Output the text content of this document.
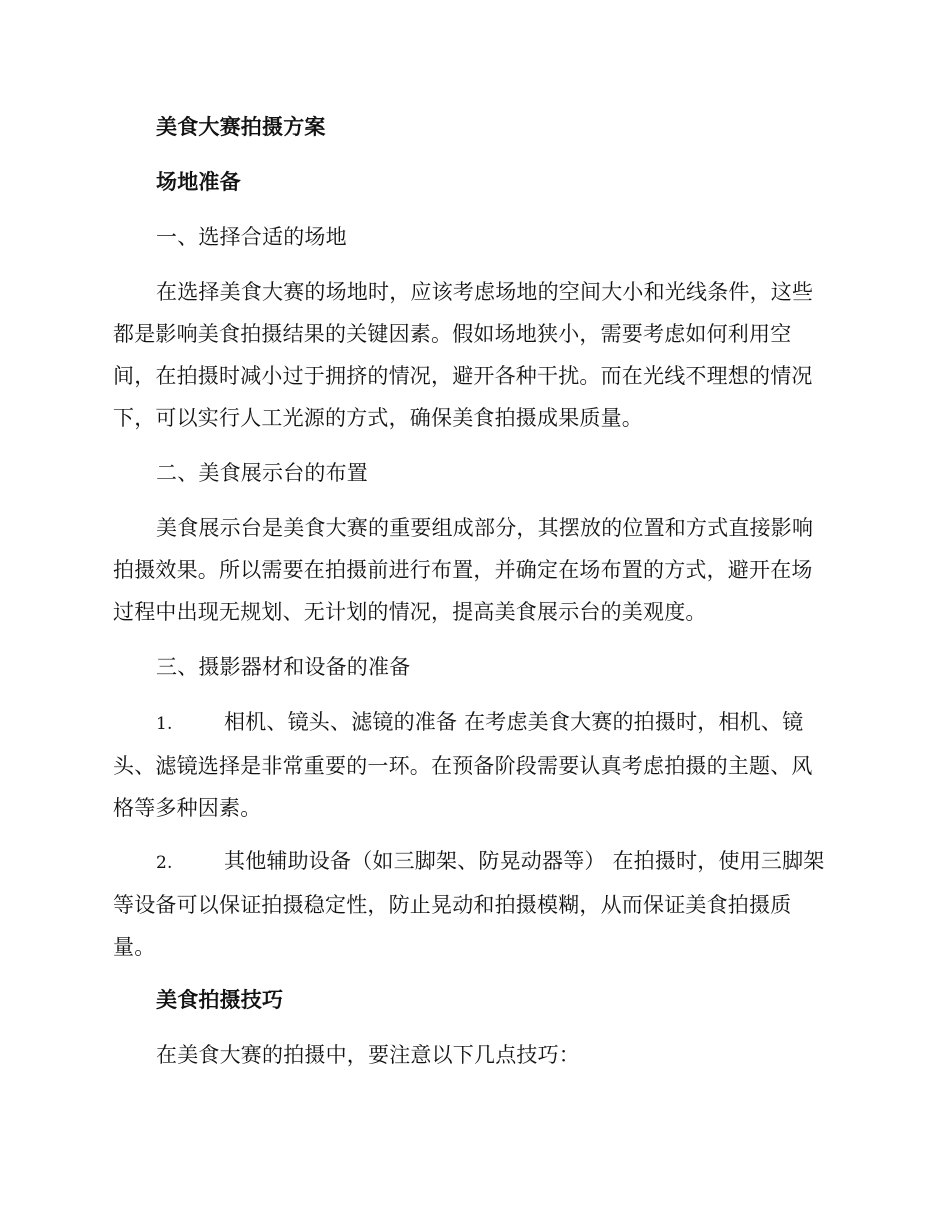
美食大赛拍摄方案

场地准备

一、选择合适的场地

在选择美食大赛的场地时，应该考虑场地的空间大小和光线条件，这些都是影响美食拍摄结果的关键因素。假如场地狭小，需要考虑如何利用空间，在拍摄时减小过于拥挤的情况，避开各种干扰。而在光线不理想的情况下，可以实行人工光源的方式，确保美食拍摄成果质量。

二、美食展示台的布置

美食展示台是美食大赛的重要组成部分，其摆放的位置和方式直接影响拍摄效果。所以需要在拍摄前进行布置，并确定在场布置的方式，避开在场过程中出现无规划、无计划的情况，提高美食展示台的美观度。

三、摄影器材和设备的准备

1. 相机、镜头、滤镜的准备 在考虑美食大赛的拍摄时，相机、镜头、滤镜选择是非常重要的一环。在预备阶段需要认真考虑拍摄的主题、风格等多种因素。

2. 其他辅助设备（如三脚架、防晃动器等） 在拍摄时，使用三脚架等设备可以保证拍摄稳定性，防止晃动和拍摄模糊，从而保证美食拍摄质量。

美食拍摄技巧

在美食大赛的拍摄中，要注意以下几点技巧：
